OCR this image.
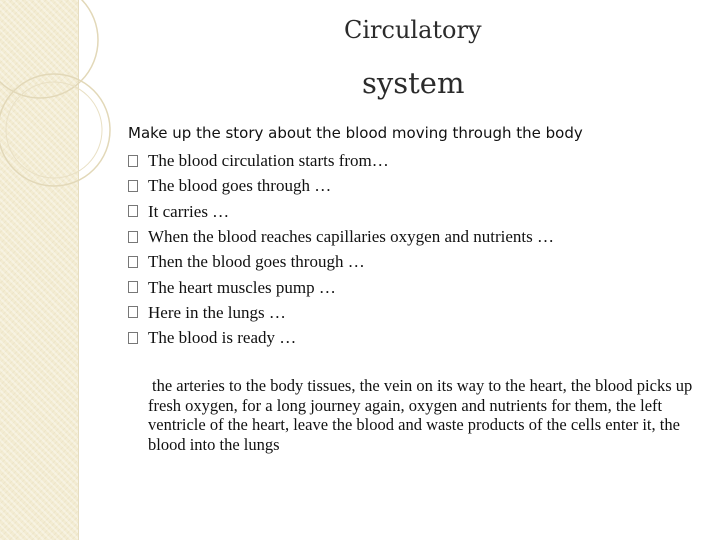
Circulatory
system
Make up the story about the blood moving through the body
The blood circulation starts from…
The blood goes through …
It carries …
When the blood reaches capillaries oxygen and nutrients …
Then the blood goes through …
The heart muscles pump …
Here in the lungs …
The blood is ready …
the arteries to the body tissues, the vein on its way to the heart, the blood picks up fresh oxygen, for a long journey again, oxygen and nutrients for them, the left ventricle of the heart, leave the blood and waste products of the cells enter it, the blood into the lungs
